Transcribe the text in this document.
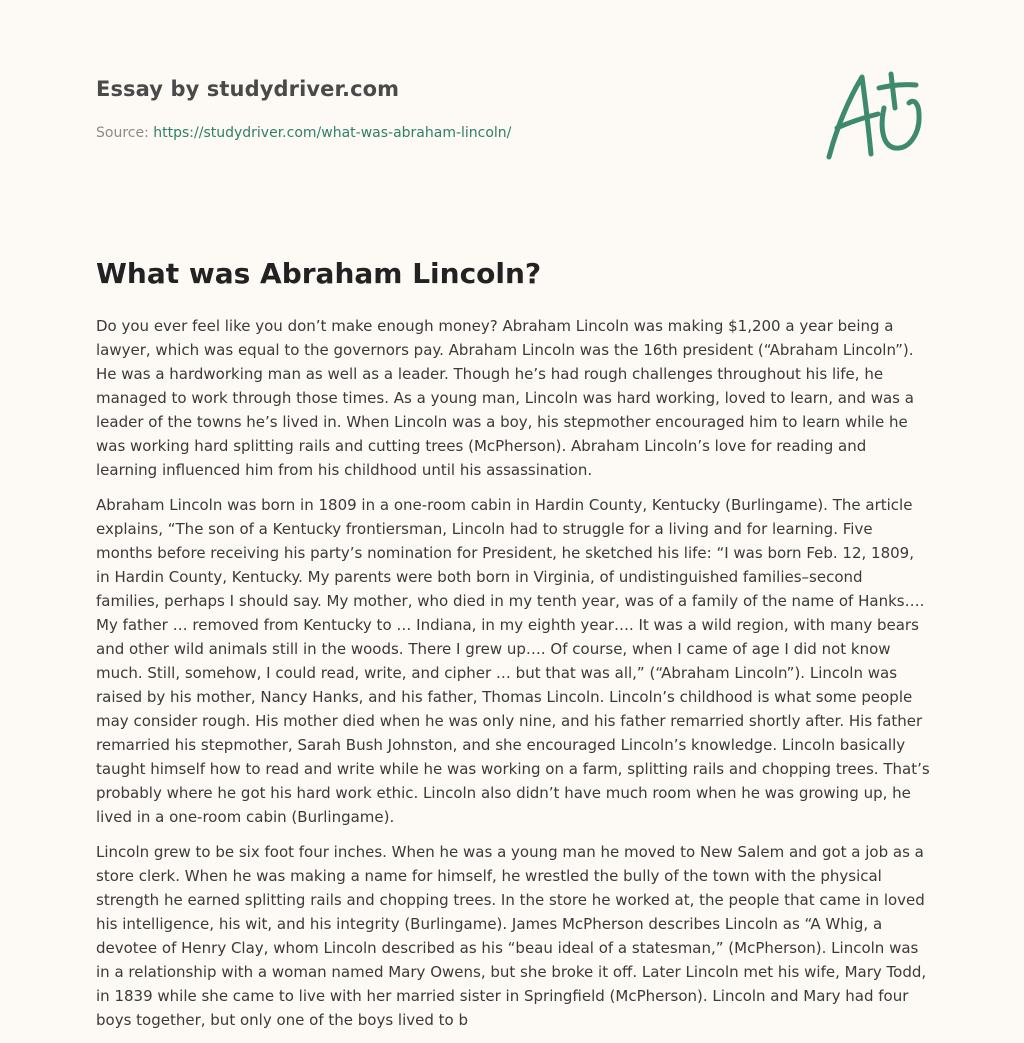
Essay by studydriver.com
Source: https://studydriver.com/what-was-abraham-lincoln/
What was Abraham Lincoln?

Do you ever feel like you don’t make enough money? Abraham Lincoln was making $1,200 a year being a lawyer, which was equal to the governors pay. Abraham Lincoln was the 16th president (“Abraham Lincoln”). He was a hardworking man as well as a leader. Though he’s had rough challenges throughout his life, he managed to work through those times. As a young man, Lincoln was hard working, loved to learn, and was a leader of the towns he’s lived in. When Lincoln was a boy, his stepmother encouraged him to learn while he was working hard splitting rails and cutting trees (McPherson). Abraham Lincoln’s love for reading and learning influenced him from his childhood until his assassination.

Abraham Lincoln was born in 1809 in a one-room cabin in Hardin County, Kentucky (Burlingame). The article explains, “The son of a Kentucky frontiersman, Lincoln had to struggle for a living and for learning. Five months before receiving his party’s nomination for President, he sketched his life: “I was born Feb. 12, 1809, in Hardin County, Kentucky. My parents were both born in Virginia, of undistinguished families–second families, perhaps I should say. My mother, who died in my tenth year, was of a family of the name of Hanks…. My father … removed from Kentucky to … Indiana, in my eighth year…. It was a wild region, with many bears and other wild animals still in the woods. There I grew up…. Of course, when I came of age I did not know much. Still, somehow, I could read, write, and cipher … but that was all,” (“Abraham Lincoln”). Lincoln was raised by his mother, Nancy Hanks, and his father, Thomas Lincoln. Lincoln’s childhood is what some people may consider rough. His mother died when he was only nine, and his father remarried shortly after. His father remarried his stepmother, Sarah Bush Johnston, and she encouraged Lincoln’s knowledge. Lincoln basically taught himself how to read and write while he was working on a farm, splitting rails and chopping trees. That’s probably where he got his hard work ethic. Lincoln also didn’t have much room when he was growing up, he lived in a one-room cabin (Burlingame).

Lincoln grew to be six foot four inches. When he was a young man he moved to New Salem and got a job as a store clerk. When he was making a name for himself, he wrestled the bully of the town with the physical strength he earned splitting rails and chopping trees. In the store he worked at, the people that came in loved his intelligence, his wit, and his integrity (Burlingame). James McPherson describes Lincoln as “A Whig, a devotee of Henry Clay, whom Lincoln described as his “beau ideal of a statesman,” (McPherson). Lincoln was in a relationship with a woman named Mary Owens, but she broke it off. Later Lincoln met his wife, Mary Todd, in 1839 while she came to live with her married sister in Springfield (McPherson). Lincoln and Mary had four boys together, but only one of the boys lived to b
